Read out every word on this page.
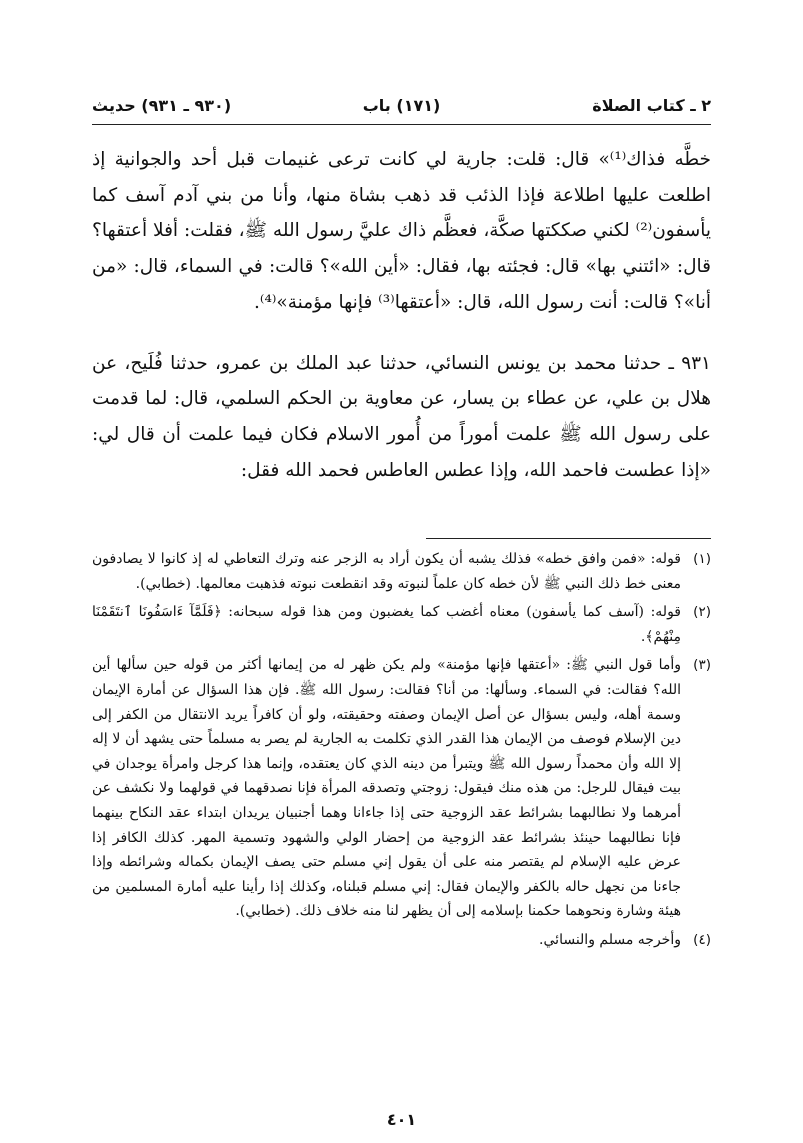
٢ ـ كتاب الصلاة
(١٧١) باب
(٩٣٠ ـ ٩٣١) حديث

خطَّه فذاك⁽¹⁾» قال: قلت: جارية لي كانت ترعى غنيمات قبل أحد والجوانية إذ اطلعت عليها اطلاعة فإذا الذئب قد ذهب بشاة منها، وأنا من بني آدم آسف كما يأسفون⁽²⁾ لكني صككتها صكَّة، فعظَّم ذاك عليَّ رسول الله ﷺ، فقلت: أفلا أعتقها؟ قال: «ائتني بها» قال: فجئته بها، فقال: «أين الله»؟ قالت: في السماء، قال: «من أنا»؟ قالت: أنت رسول الله، قال: «أعتقها⁽³⁾ فإنها مؤمنة»⁽⁴⁾.

٩٣١ ـ حدثنا محمد بن يونس النسائي، حدثنا عبد الملك بن عمرو، حدثنا فُلَيح، عن هلال بن علي، عن عطاء بن يسار، عن معاوية بن الحكم السلمي، قال: لما قدمت على رسول الله ﷺ علمت أموراً من أُمور الاسلام فكان فيما علمت أن قال لي: «إذا عطست فاحمد الله، وإذا عطس العاطس فحمد الله فقل:

(١)
قوله: «فمن وافق خطه» فذلك يشبه أن يكون أراد به الزجر عنه وترك التعاطي له إذ كانوا لا يصادفون معنى خط ذلك النبي ﷺ لأن خطه كان علماً لنبوته وقد انقطعت نبوته فذهبت معالمها. (خطابي).
(٢)
قوله: (آسف كما يأسفون) معناه أغضب كما يغضبون ومن هذا قوله سبحانه: ﴿فَلَمَّآ ءَاسَفُونَا ٱنتَقَمْنَا مِنْهُمْ﴾.
(٣)
وأما قول النبي ﷺ: «أعتقها فإنها مؤمنة» ولم يكن ظهر له من إيمانها أكثر من قوله حين سألها أين الله؟ فقالت: في السماء. وسألها: من أنا؟ فقالت: رسول الله ﷺ. فإن هذا السؤال عن أمارة الإيمان وسمة أهله، وليس بسؤال عن أصل الإيمان وصفته وحقيقته، ولو أن كافراً يريد الانتقال من الكفر إلى دين الإسلام فوصف من الإيمان هذا القدر الذي تكلمت به الجارية لم يصر به مسلماً حتى يشهد أن لا إله إلا الله وأن محمداً رسول الله ﷺ ويتبرأ من دينه الذي كان يعتقده، وإنما هذا كرجل وامرأة يوجدان في بيت فيقال للرجل: من هذه منك فيقول: زوجتي وتصدقه المرأة فإنا نصدقهما في قولهما ولا نكشف عن أمرهما ولا نطالبهما بشرائط عقد الزوجية حتى إذا جاءانا وهما أجنبيان يريدان ابتداء عقد النكاح بينهما فإنا نطالبهما حينئذ بشرائط عقد الزوجية من إحضار الولي والشهود وتسمية المهر. كذلك الكافر إذا عرض عليه الإسلام لم يقتصر منه على أن يقول إني مسلم حتى يصف الإيمان بكماله وشرائطه وإذا جاءنا من نجهل حاله بالكفر والإيمان فقال: إني مسلم قبلناه، وكذلك إذا رأينا عليه أمارة المسلمين من هيئة وشارة ونحوهما حكمنا بإسلامه إلى أن يظهر لنا منه خلاف ذلك. (خطابي).
(٤)
وأخرجه مسلم والنسائي.
٤٠١
